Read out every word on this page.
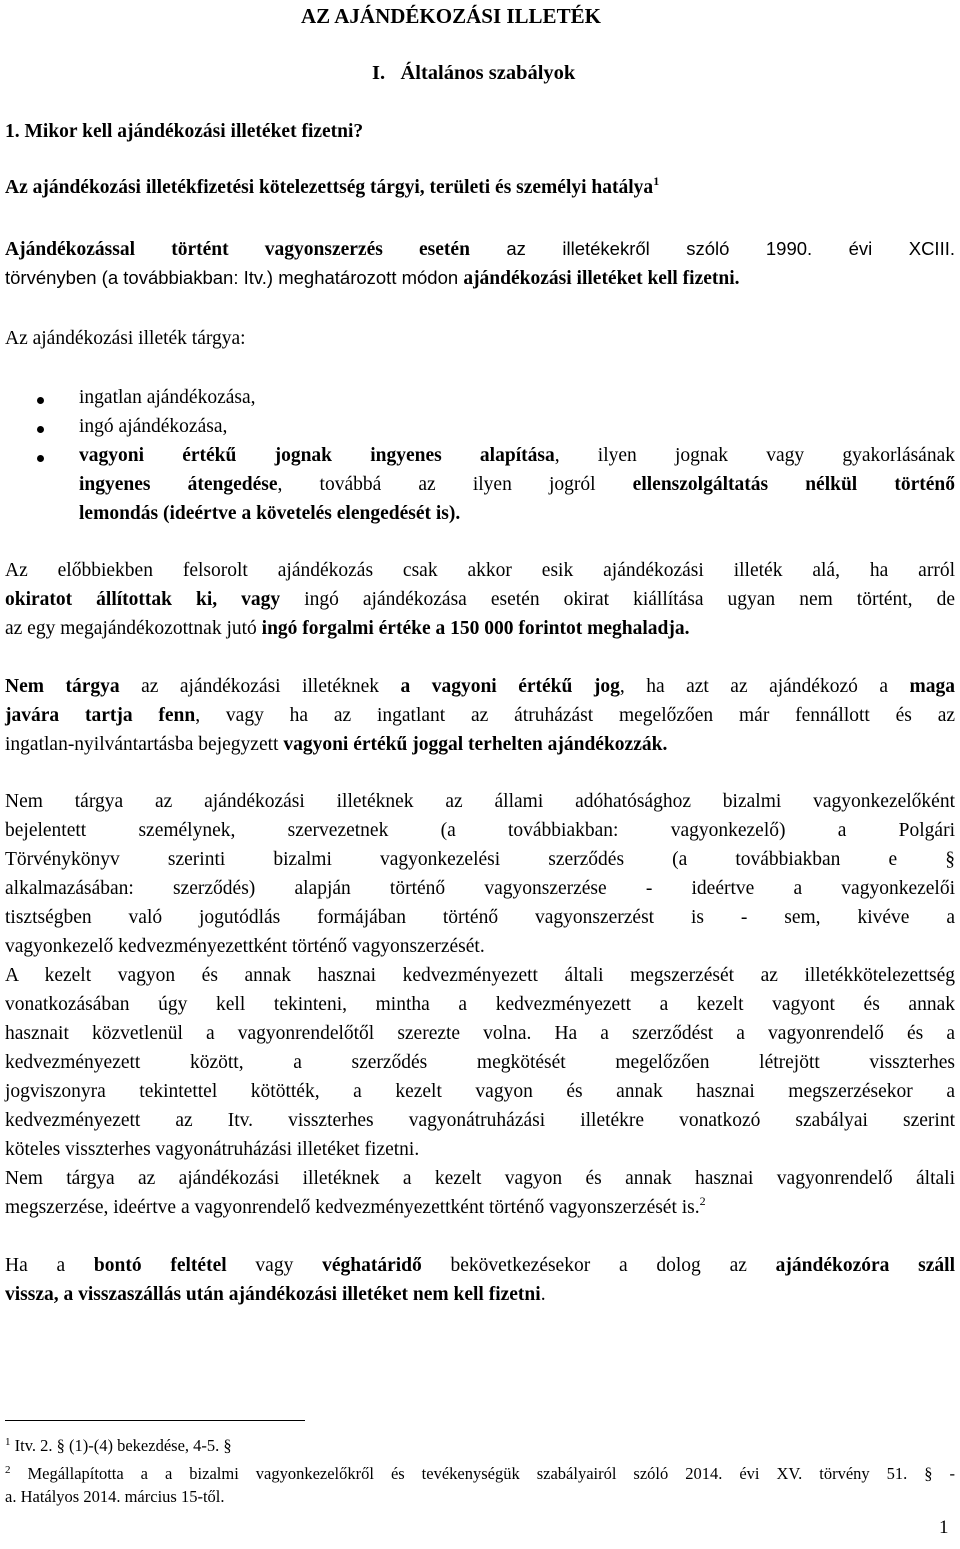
AZ AJÁNDÉKOZÁSI ILLETÉK
I. Általános szabályok
1. Mikor kell ajándékozási illetéket fizetni?
Az ajándékozási illetékfizetési kötelezettség tárgyi, területi és személyi hatálya$^1$
Ajándékozással történt vagyonszerzés esetén az illetékekről szóló 1990. évi XCIII.
törvényben (a továbbiakban: Itv.) meghatározott módon ajándékozási illetéket kell fizetni.
Az ajándékozási illeték tárgya:
ingatlan ajándékozása,
ingó ajándékozása,
vagyoni értékű jognak ingyenes alapítása, ilyen jognak vagy gyakorlásának
ingyenes átengedése, továbbá az ilyen jogról ellenszolgáltatás nélkül történő
lemondás (ideértve a követelés elengedését is).
Az előbbiekben felsorolt ajándékozás csak akkor esik ajándékozási illeték alá, ha arról
okiratot állítottak ki, vagy ingó ajándékozása esetén okirat kiállítása ugyan nem történt, de
az egy megajándékozottnak jutó ingó forgalmi értéke a 150 000 forintot meghaladja.
Nem tárgya az ajándékozási illetéknek a vagyoni értékű jog, ha azt az ajándékozó a maga
javára tartja fenn, vagy ha az ingatlant az átruházást megelőzően már fennállott és az
ingatlan-nyilvántartásba bejegyzett vagyoni értékű joggal terhelten ajándékozzák.
Nem tárgya az ajándékozási illetéknek az állami adóhatósághoz bizalmi vagyonkezelőként
bejelentett személynek, szervezetnek (a továbbiakban: vagyonkezelő) a Polgári
Törvénykönyv szerinti bizalmi vagyonkezelési szerződés (a továbbiakban e §
alkalmazásában: szerződés) alapján történő vagyonszerzése - ideértve a vagyonkezelői
tisztségben való jogutódlás formájában történő vagyonszerzést is - sem, kivéve a
vagyonkezelő kedvezményezettként történő vagyonszerzését.
A kezelt vagyon és annak hasznai kedvezményezett általi megszerzését az illetékkötelezettség
vonatkozásában úgy kell tekinteni, mintha a kedvezményezett a kezelt vagyont és annak
hasznait közvetlenül a vagyonrendelőtől szerezte volna. Ha a szerződést a vagyonrendelő és a
kedvezményezett között, a szerződés megkötését megelőzően létrejött visszterhes
jogviszonyra tekintettel kötötték, a kezelt vagyon és annak hasznai megszerzésekor a
kedvezményezett az Itv. visszterhes vagyonátruházási illetékre vonatkozó szabályai szerint
köteles visszterhes vagyonátruházási illetéket fizetni.
Nem tárgya az ajándékozási illetéknek a kezelt vagyon és annak hasznai vagyonrendelő általi
megszerzése, ideértve a vagyonrendelő kedvezményezettként történő vagyonszerzését is.$^2$
Ha a bontó feltétel vagy véghatáridő bekövetkezésekor a dolog az ajándékozóra száll
vissza, a visszaszállás után ajándékozási illetéket nem kell fizetni.
$^1$ Itv. 2. § (1)-(4) bekezdése, 4-5. §
$^2$ Megállapította a a bizalmi vagyonkezelőkről és tevékenységük szabályairól szóló 2014. évi XV. törvény 51. § -
a. Hatályos 2014. március 15-től.
1
